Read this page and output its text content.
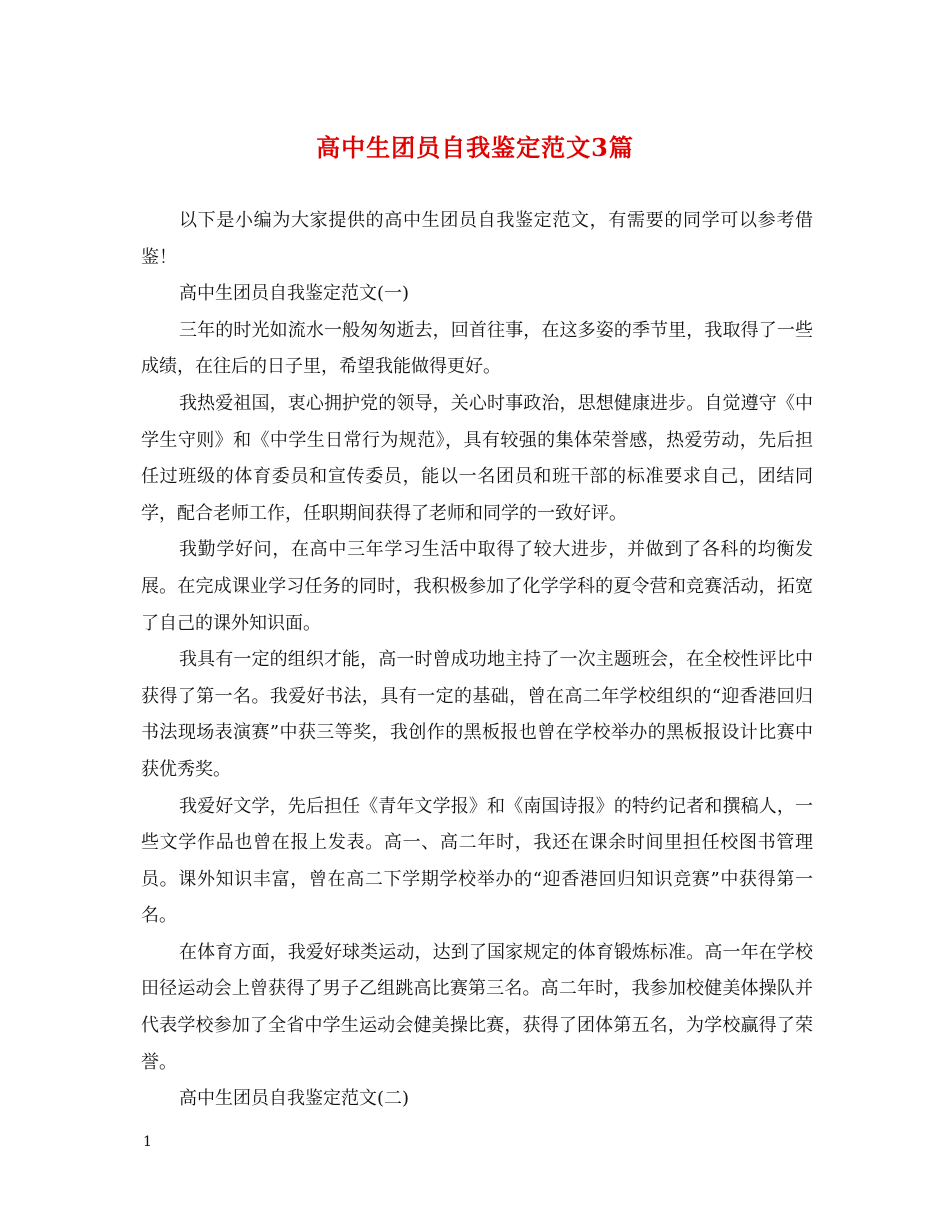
高中生团员自我鉴定范文3篇

以下是小编为大家提供的高中生团员自我鉴定范文，有需要的同学可以参考借鉴！

高中生团员自我鉴定范文(一)

三年的时光如流水一般匆匆逝去，回首往事，在这多姿的季节里，我取得了一些成绩，在往后的日子里，希望我能做得更好。

我热爱祖国，衷心拥护党的领导，关心时事政治，思想健康进步。自觉遵守《中学生守则》和《中学生日常行为规范》，具有较强的集体荣誉感，热爱劳动，先后担任过班级的体育委员和宣传委员，能以一名团员和班干部的标准要求自己，团结同学，配合老师工作，任职期间获得了老师和同学的一致好评。

我勤学好问，在高中三年学习生活中取得了较大进步，并做到了各科的均衡发展。在完成课业学习任务的同时，我积极参加了化学学科的夏令营和竞赛活动，拓宽了自己的课外知识面。

我具有一定的组织才能，高一时曾成功地主持了一次主题班会，在全校性评比中获得了第一名。我爱好书法，具有一定的基础，曾在高二年学校组织的“迎香港回归书法现场表演赛”中获三等奖，我创作的黑板报也曾在学校举办的黑板报设计比赛中获优秀奖。

我爱好文学，先后担任《青年文学报》和《南国诗报》的特约记者和撰稿人，一些文学作品也曾在报上发表。高一、高二年时，我还在课余时间里担任校图书管理员。课外知识丰富，曾在高二下学期学校举办的“迎香港回归知识竞赛”中获得第一名。

在体育方面，我爱好球类运动，达到了国家规定的体育锻炼标准。高一年在学校田径运动会上曾获得了男子乙组跳高比赛第三名。高二年时，我参加校健美体操队并代表学校参加了全省中学生运动会健美操比赛，获得了团体第五名，为学校赢得了荣誉。

高中生团员自我鉴定范文(二)

1
